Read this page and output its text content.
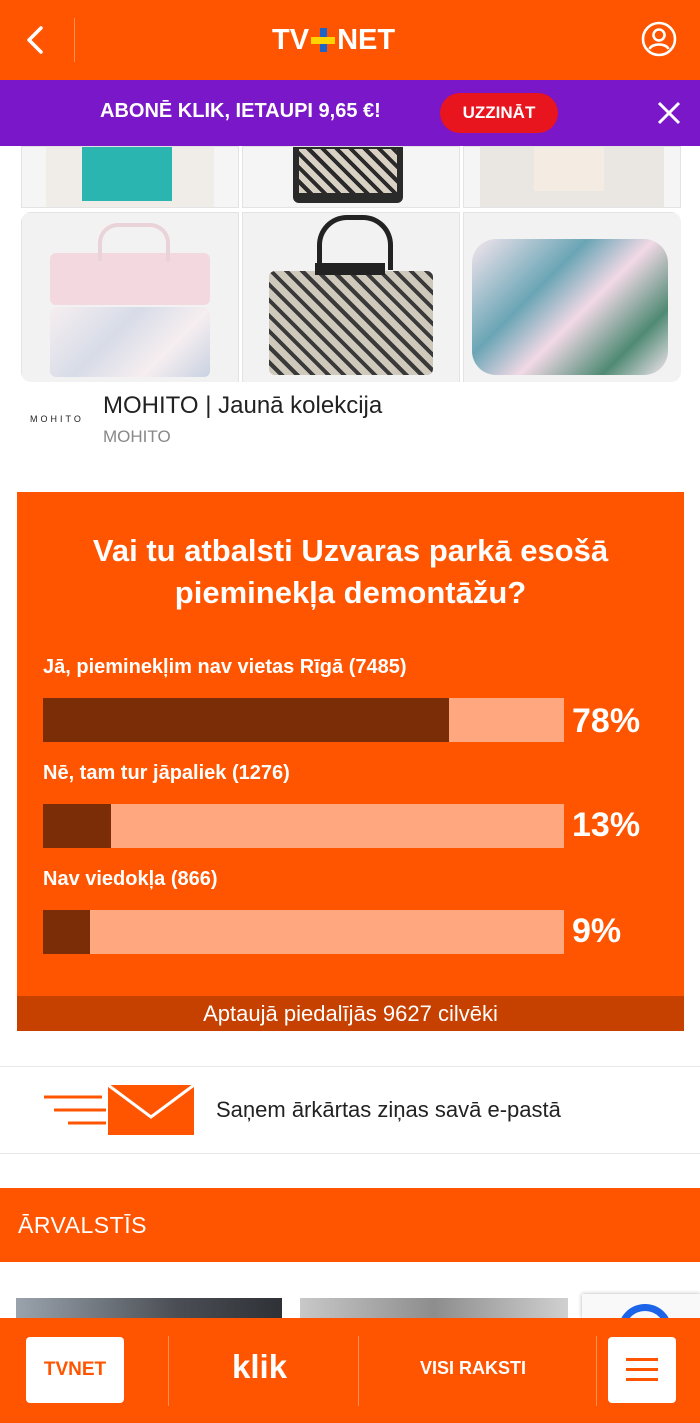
TV NET
ABONĒ KLIK, IETAUPI 9,65 €!	UZZINĀT
MOHITO MOHITO | Jaunā kolekcija
MOHITO
Vai tu atbalsti Uzvaras parkā esošā pieminekļa demontāžu?
Jā, pieminekļim nav vietas Rīgā (7485)
78%
Nē, tam tur jāpaliek (1276)
13%
Nav viedokļa (866)
9%
Aptaujā piedalījās 9627 cilvēki
Saņem ārkārtas ziņas savā e-pastā
ĀRVALSTĪS
TVNET	klik	VISI RAKSTI
